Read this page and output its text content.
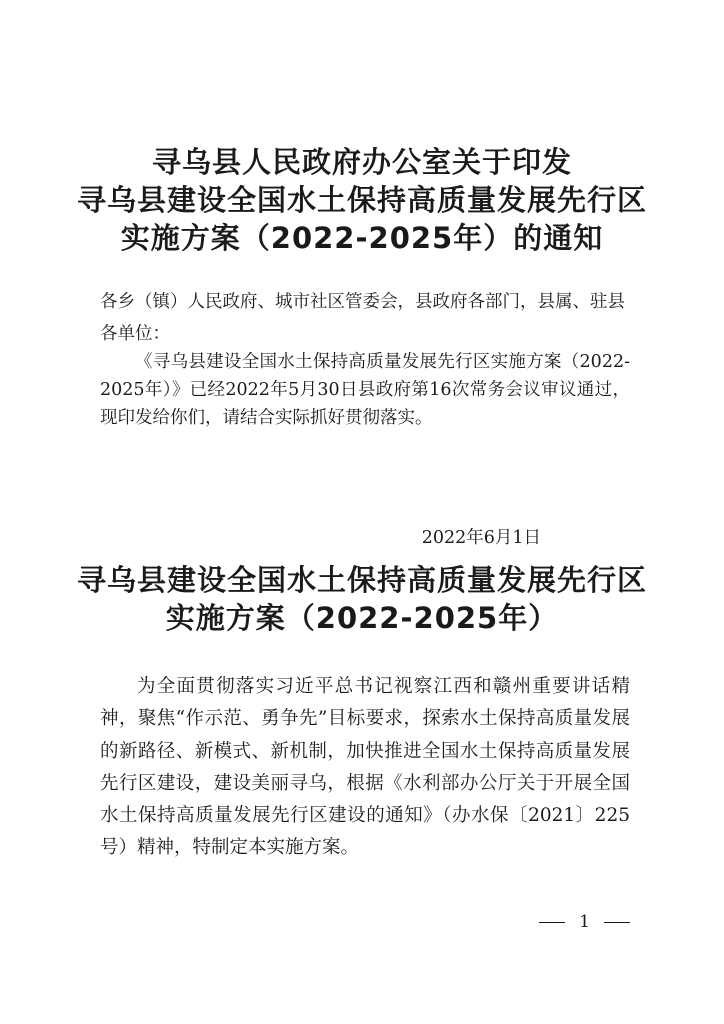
寻乌县人民政府办公室关于印发
寻乌县建设全国水土保持高质量发展先行区
实施方案（2022-2025年）的通知

各乡（镇）人民政府、城市社区管委会，县政府各部门，县属、驻县各单位：

《寻乌县建设全国水土保持高质量发展先行区实施方案（2022-2025年）》已经2022年5月30日县政府第16次常务会议审议通过，现印发给你们，请结合实际抓好贯彻落实。

2022年6月1日

寻乌县建设全国水土保持高质量发展先行区
实施方案（2022-2025年）

为全面贯彻落实习近平总书记视察江西和赣州重要讲话精神，聚焦“作示范、勇争先”目标要求，探索水土保持高质量发展的新路径、新模式、新机制，加快推进全国水土保持高质量发展先行区建设，建设美丽寻乌，根据《水利部办公厅关于开展全国水土保持高质量发展先行区建设的通知》（办水保〔2021〕225号）精神，特制定本实施方案。

1
